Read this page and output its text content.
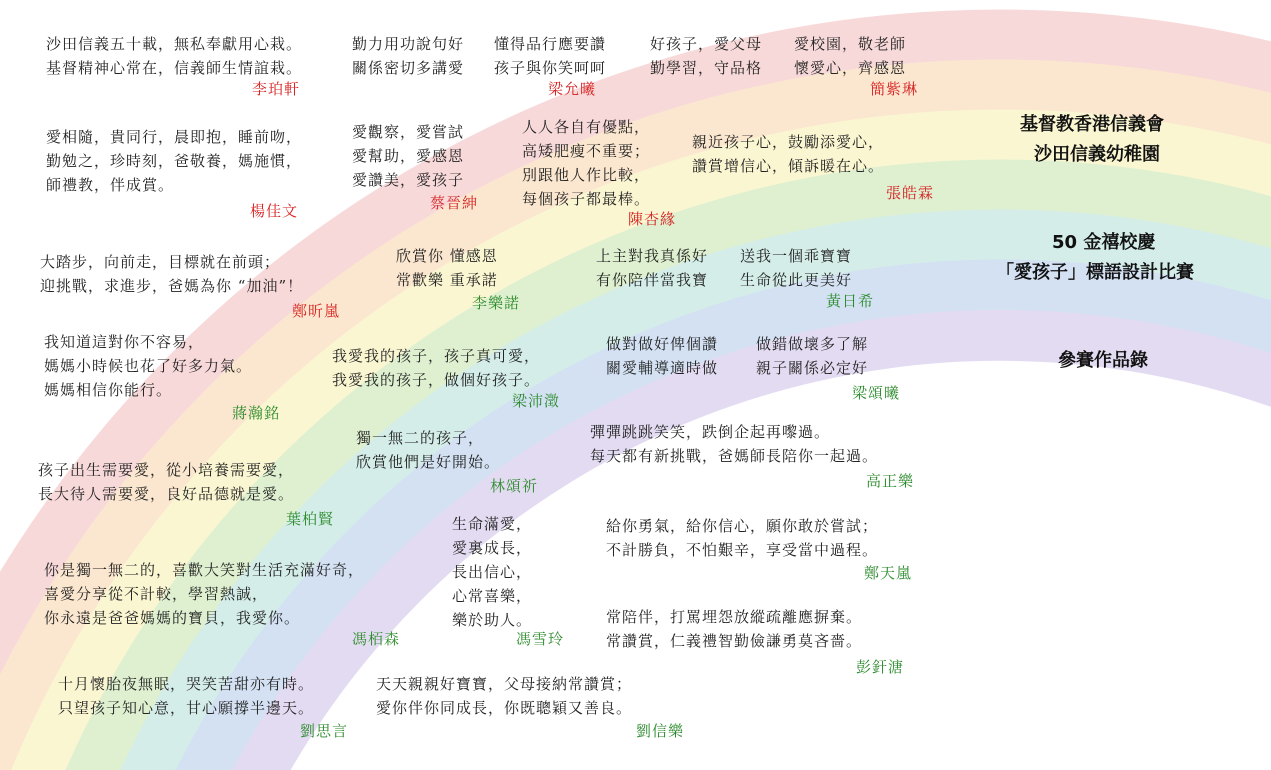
基督教香港信義會
沙田信義幼稚園
50 金禧校慶
「愛孩子」標語設計比賽
參賽作品錄
沙田信義五十載，無私奉獻用心栽。
基督精神心常在，信義師生情誼栽。
李珀軒
勤力用功說句好
關係密切多講愛
懂得品行應要讚
孩子與你笑呵呵
梁允曦
好孩子，愛父母
勤學習，守品格
愛校園，敬老師
懷愛心，齊感恩
簡紫琳
愛相隨，貴同行，晨即抱，睡前吻，
勤勉之，珍時刻，爸敬養，媽施慣，
師禮教，伴成賞。
楊佳文
愛觀察，愛嘗試
愛幫助，愛感恩
愛讚美，愛孩子
蔡晉紳
人人各自有優點，
高矮肥瘦不重要；
別跟他人作比較，
每個孩子都最棒。
陳杏緣
親近孩子心，鼓勵添愛心，
讚賞增信心，傾訴暖在心。
張皓霖
大踏步，向前走，目標就在前頭；
迎挑戰，求進步，爸媽為你 “加油”！
鄭昕嵐
欣賞你 懂感恩
常歡樂 重承諾
李樂諾
上主對我真係好
有你陪伴當我寶
送我一個乖寶寶
生命從此更美好
黃日希
我知道這對你不容易，
媽媽小時候也花了好多力氣。
媽媽相信你能行。
蔣瀚銘
我愛我的孩子，孩子真可愛，
我愛我的孩子，做個好孩子。
梁沛澂
做對做好俾個讚
關愛輔導適時做
做錯做壞多了解
親子關係必定好
梁頌曦
獨一無二的孩子，
欣賞他們是好開始。
林頌祈
彈彈跳跳笑笑，跌倒企起再嚟過。
每天都有新挑戰，爸媽師長陪你一起過。
高正樂
孩子出生需要愛，從小培養需要愛，
長大待人需要愛，良好品德就是愛。
葉柏賢	生命滿愛，
愛裏成長，
長出信心，
心常喜樂，
樂於助人。
馮雪玲
給你勇氣，給你信心，願你敢於嘗試；
不計勝負，不怕艱辛，享受當中過程。
鄭天嵐
你是獨一無二的，喜歡大笑對生活充滿好奇，
喜愛分享從不計較，學習熱誠，
你永遠是爸爸媽媽的寶貝，我愛你。
馮栢森
常陪伴，打罵埋怨放縱疏離應摒棄。
常讚賞，仁義禮智勤儉謙勇莫吝嗇。
彭釬溏
十月懷胎夜無眠，哭笑苦甜亦有時。
只望孩子知心意，甘心願撐半邊天。
劉思言
天天親親好寶寶，父母接納常讚賞；
愛你伴你同成長，你既聰穎又善良。
劉信樂
